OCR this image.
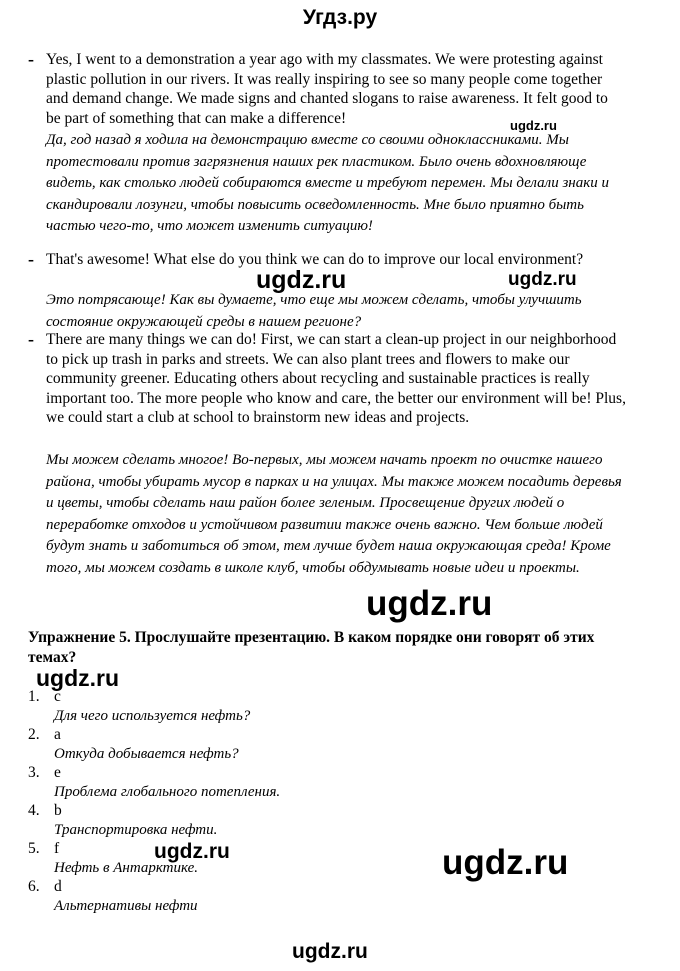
Угдз.ру
- Yes, I went to a demonstration a year ago with my classmates. We were protesting against plastic pollution in our rivers. It was really inspiring to see so many people come together and demand change. We made signs and chanted slogans to raise awareness. It felt good to be part of something that can make a difference!

Да, год назад я ходила на демонстрацию вместе со своими одноклассниками. Мы протестовали против загрязнения наших рек пластиком. Было очень вдохновляюще видеть, как столько людей собираются вместе и требуют перемен. Мы делали знаки и скандировали лозунги, чтобы повысить осведомленность. Мне было приятно быть частью чего-то, что может изменить ситуацию!

- That's awesome! What else do you think we can do to improve our local environment?

Это потрясающе! Как вы думаете, что еще мы можем сделать, чтобы улучшить состояние окружающей среды в нашем регионе?

- There are many things we can do! First, we can start a clean-up project in our neighborhood to pick up trash in parks and streets. We can also plant trees and flowers to make our community greener. Educating others about recycling and sustainable practices is really important too. The more people who know and care, the better our environment will be! Plus, we could start a club at school to brainstorm new ideas and projects.

Мы можем сделать многое! Во-первых, мы можем начать проект по очистке нашего района, чтобы убирать мусор в парках и на улицах. Мы также можем посадить деревья и цветы, чтобы сделать наш район более зеленым. Просвещение других людей о переработке отходов и устойчивом развитии также очень важно. Чем больше людей будут знать и заботиться об этом, тем лучше будет наша окружающая среда! Кроме того, мы можем создать в школе клуб, чтобы обдумывать новые идеи и проекты.

Упражнение 5. Прослушайте презентацию. В каком порядке они говорят об этих темах?

1. c
Для чего используется нефть?
2. a
Откуда добывается нефть?
3. e
Проблема глобального потепления.
4. b
Транспортировка нефти.
5. f
Нефть в Антарктике.
6. d
Альтернативы нефти
ugdz.ru
ugdz.ru	ugdz.ru
ugdz.ru
ugdz.ru
ugdz.ru	ugdz.ru
ugdz.ru
